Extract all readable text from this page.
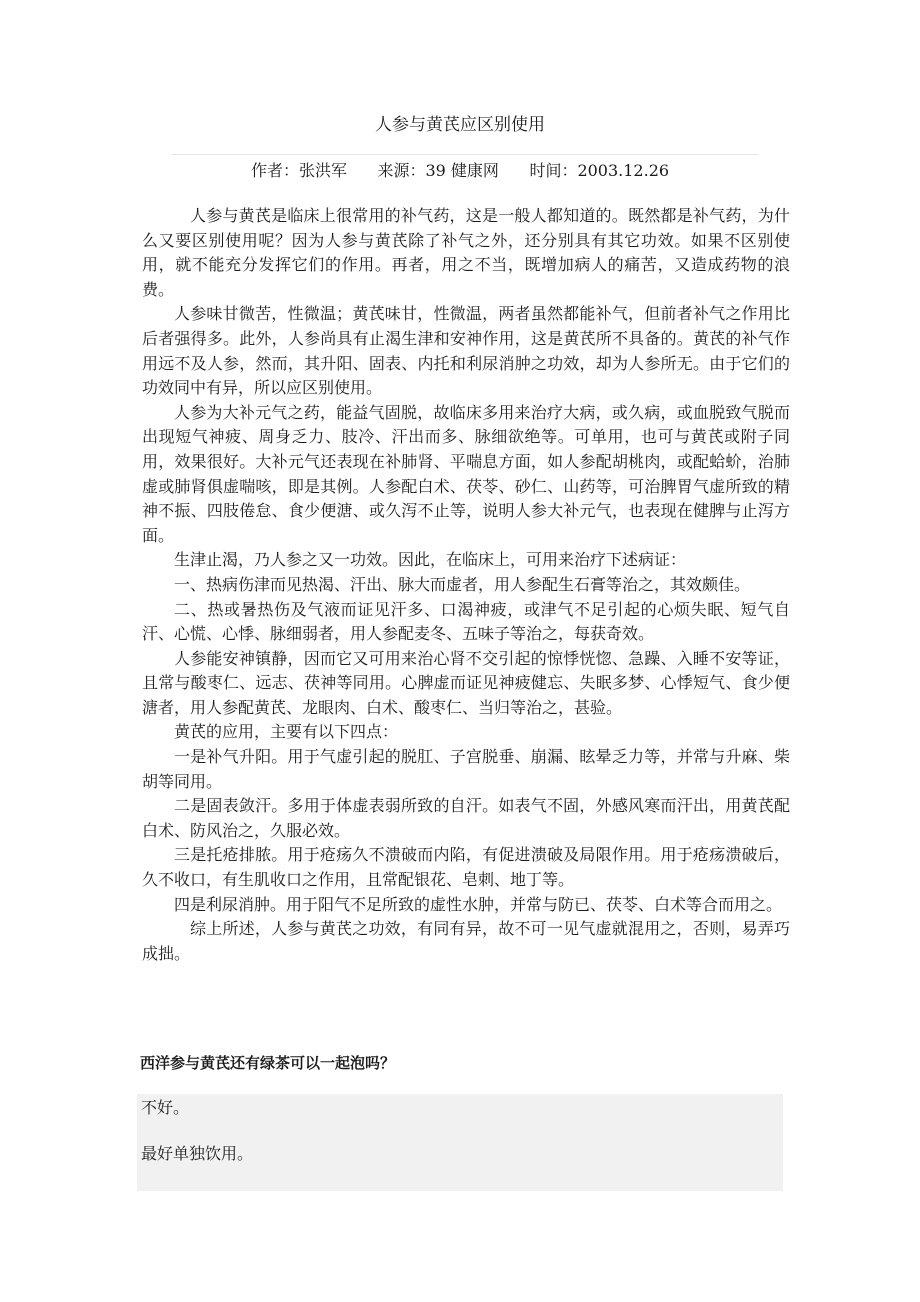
人参与黄芪应区别使用
作者：张洪军 来源：39 健康网 时间：2003.12.26

人参与黄芪是临床上很常用的补气药，这是一般人都知道的。既然都是补气药，为什么又要区别使用呢？因为人参与黄芪除了补气之外，还分别具有其它功效。如果不区别使用，就不能充分发挥它们的作用。再者，用之不当，既增加病人的痛苦，又造成药物的浪费。

人参味甘微苦，性微温；黄芪味甘，性微温，两者虽然都能补气，但前者补气之作用比后者强得多。此外，人参尚具有止渴生津和安神作用，这是黄芪所不具备的。黄芪的补气作用远不及人参，然而，其升阳、固表、内托和利尿消肿之功效，却为人参所无。由于它们的功效同中有异，所以应区别使用。

人参为大补元气之药，能益气固脱，故临床多用来治疗大病，或久病，或血脱致气脱而出现短气神疲、周身乏力、肢冷、汗出而多、脉细欲绝等。可单用，也可与黄芪或附子同用，效果很好。大补元气还表现在补肺肾、平喘息方面，如人参配胡桃肉，或配蛤蚧，治肺虚或肺肾俱虚喘咳，即是其例。人参配白术、茯苓、砂仁、山药等，可治脾胃气虚所致的精神不振、四肢倦怠、食少便溏、或久泻不止等，说明人参大补元气，也表现在健脾与止泻方面。

生津止渴，乃人参之又一功效。因此，在临床上，可用来治疗下述病证：

一、热病伤津而见热渴、汗出、脉大而虚者，用人参配生石膏等治之，其效颇佳。

二、热或暑热伤及气液而证见汗多、口渴神疲，或津气不足引起的心烦失眠、短气自汗、心慌、心悸、脉细弱者，用人参配麦冬、五味子等治之，每获奇效。

人参能安神镇静，因而它又可用来治心肾不交引起的惊悸恍惚、急躁、入睡不安等证，且常与酸枣仁、远志、茯神等同用。心脾虚而证见神疲健忘、失眠多梦、心悸短气、食少便溏者，用人参配黄芪、龙眼肉、白术、酸枣仁、当归等治之，甚验。

黄芪的应用，主要有以下四点：

一是补气升阳。用于气虚引起的脱肛、子宫脱垂、崩漏、眩晕乏力等，并常与升麻、柴胡等同用。

二是固表敛汗。多用于体虚表弱所致的自汗。如表气不固，外感风寒而汗出，用黄芪配白术、防风治之，久服必效。

三是托疮排脓。用于疮疡久不溃破而内陷，有促进溃破及局限作用。用于疮疡溃破后，久不收口，有生肌收口之作用，且常配银花、皂刺、地丁等。

四是利尿消肿。用于阳气不足所致的虚性水肿，并常与防已、茯苓、白术等合而用之。

综上所述，人参与黄芪之功效，有同有异，故不可一见气虚就混用之，否则，易弄巧成拙。

西洋参与黄芪还有绿茶可以一起泡吗？
不好。
最好单独饮用。
